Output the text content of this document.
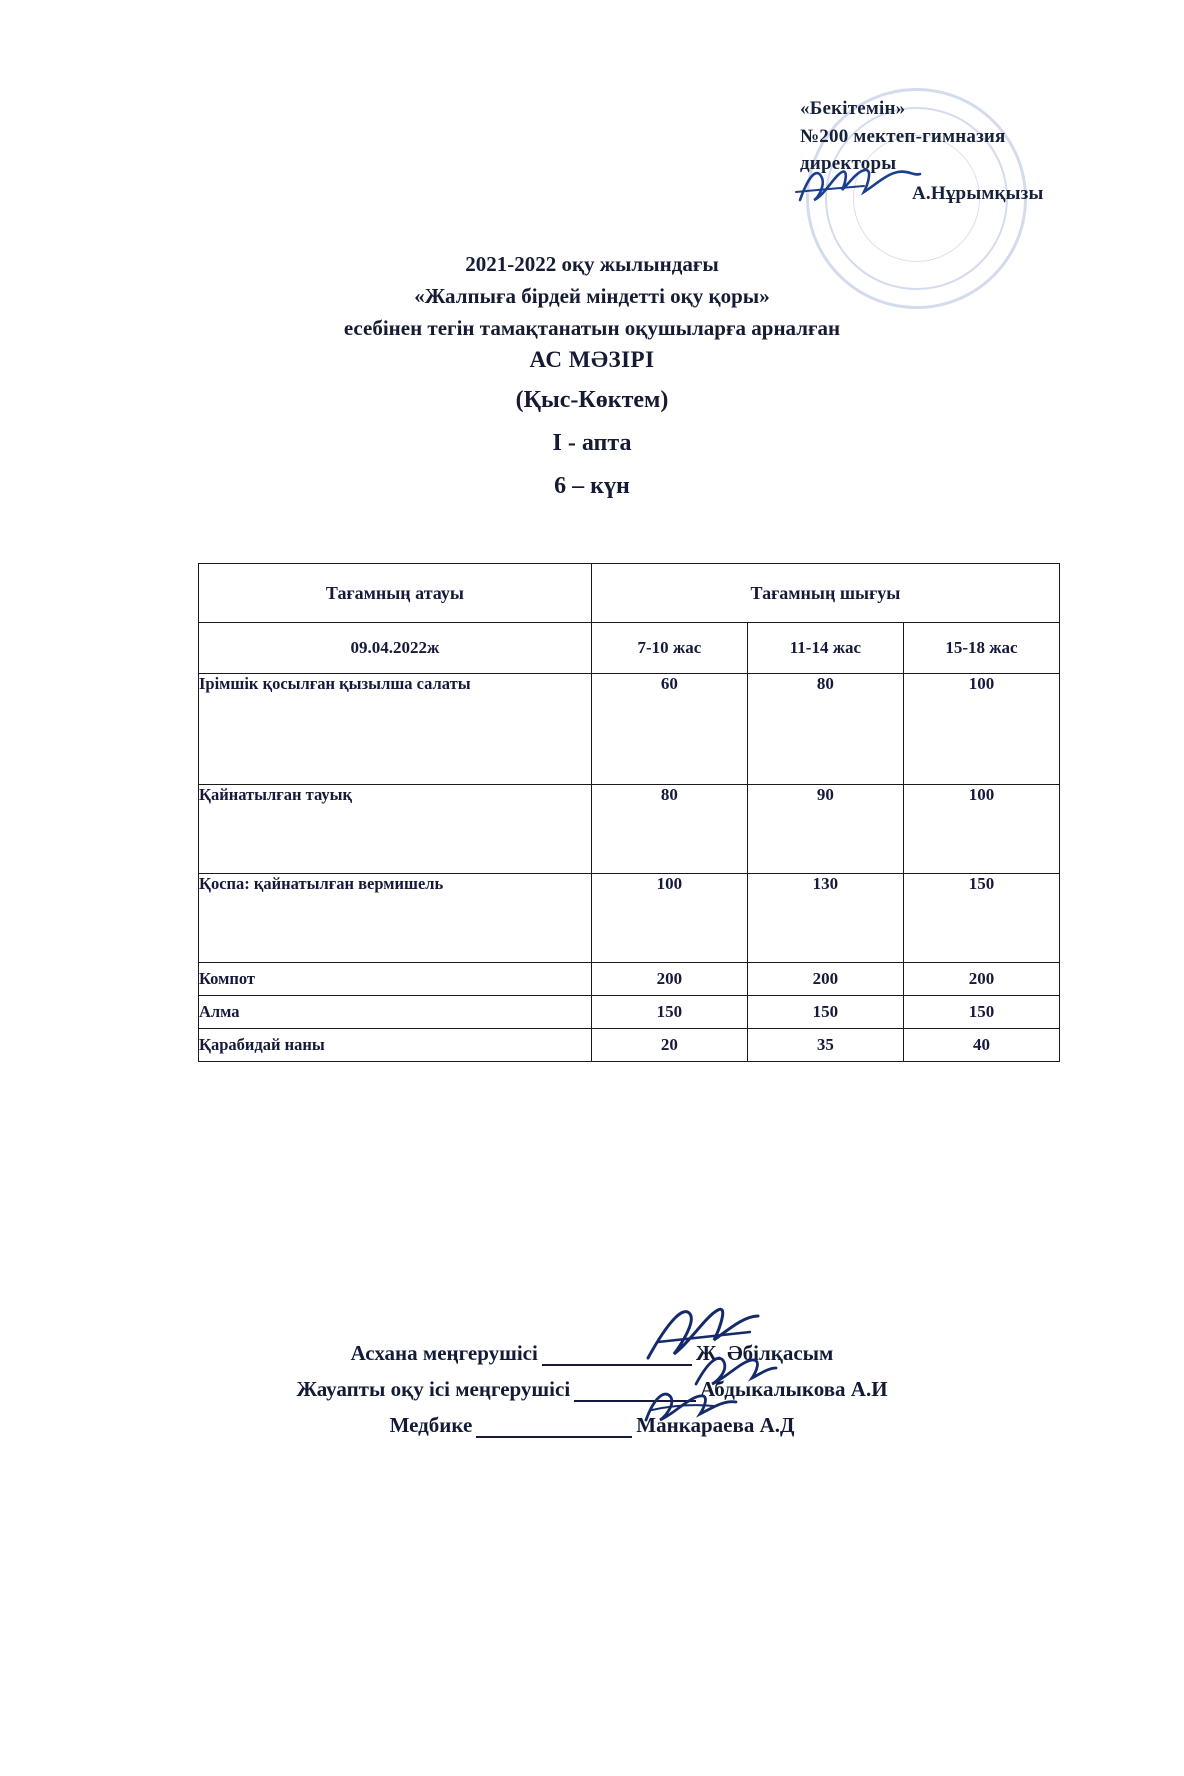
«Бекітемін»
№200 мектеп-гимназия
директоры
А.Нұрымқызы
2021-2022 оқу жылындағы
«Жалпыға бірдей міндетті оқу қоры»
есебінен тегін тамақтанатын оқушыларға арналған
АС МӘЗІРІ
(Қыс-Көктем)
I - апта
6 – күн
Тағамның атауы	Тағамның шығуы		
09.04.2022ж	7-10 жас	11-14 жас	15-18 жас
Ірімшік қосылған қызылша салаты	60	80	100
Қайнатылған тауық	80	90	100
Қоспа: қайнатылған вермишель	100	130	150
Компот	200	200	200
Алма	150	150	150
Қарабидай наны	20	35	40
Асхана меңгерушісі	Ж. Әбілқасым
Жауапты оқу ісі меңгерушісі	Абдыкалыкова А.И
Медбике	Манкараева А.Д
